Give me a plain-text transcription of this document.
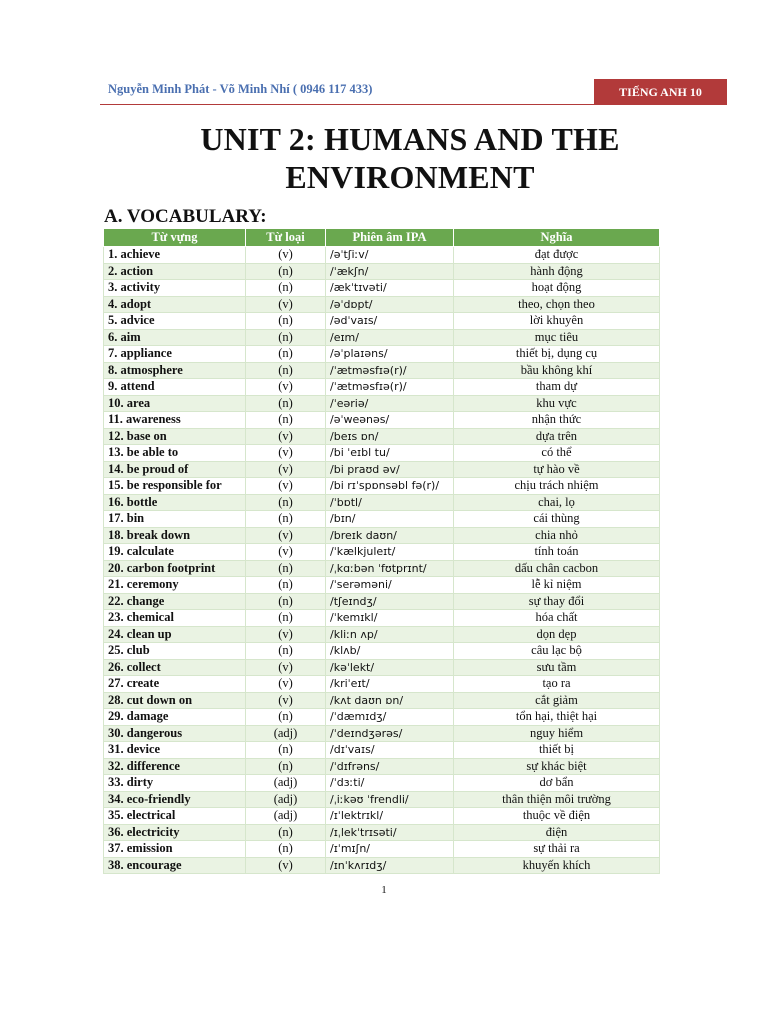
Nguyễn Minh Phát - Võ Minh Nhí ( 0946 117 433)	TIẾNG ANH 10
UNIT 2: HUMANS AND THE
ENVIRONMENT
A. VOCABULARY:
Từ vựng	Từ loại	Phiên âm IPA	Nghĩa
1. achieve	(v)	/əˈtʃiːv/	đạt được
2. action	(n)	/ˈækʃn/	hành động
3. activity	(n)	/ækˈtɪvəti/	hoạt động
4. adopt	(v)	/əˈdɒpt/	theo, chọn theo
5. advice	(n)	/ədˈvaɪs/	lời khuyên
6. aim	(n)	/eɪm/	mục tiêu
7. appliance	(n)	/əˈplaɪəns/	thiết bị, dụng cụ
8. atmosphere	(n)	/ˈætməsfɪə(r)/	bầu không khí
9. attend	(v)	/ˈætməsfɪə(r)/	tham dự
10. area	(n)	/ˈeəriə/	khu vực
11. awareness	(n)	/əˈweənəs/	nhận thức
12. base on	(v)	/beɪs ɒn/	dựa trên
13. be able to	(v)	/bi ˈeɪbl tu/	có thể
14. be proud of	(v)	/bi praʊd əv/	tự hào về
15. be responsible for	(v)	/bi rɪˈspɒnsəbl fə(r)/	chịu trách nhiệm
16. bottle	(n)	/ˈbɒtl/	chai, lọ
17. bin	(n)	/bɪn/	cái thùng
18. break down	(v)	/breɪk daʊn/	chia nhỏ
19. calculate	(v)	/ˈkælkjuleɪt/	tính toán
20. carbon footprint	(n)	/ˌkɑːbən ˈfʊtprɪnt/	dấu chân cacbon
21. ceremony	(n)	/ˈserəməni/	lễ kỉ niệm
22. change	(n)	/tʃeɪndʒ/	sự thay đổi
23. chemical	(n)	/ˈkemɪkl/	hóa chất
24. clean up	(v)	/kliːn ʌp/	dọn dẹp
25. club	(n)	/klʌb/	câu lạc bộ
26. collect	(v)	/kəˈlekt/	sưu tầm
27. create	(v)	/kriˈeɪt/	tạo ra
28. cut down on	(v)	/kʌt daʊn ɒn/	cắt giảm
29. damage	(n)	/ˈdæmɪdʒ/	tổn hại, thiệt hại
30. dangerous	(adj)	/ˈdeɪndʒərəs/	nguy hiểm
31. device	(n)	/dɪˈvaɪs/	thiết bị
32. difference	(n)	/ˈdɪfrəns/	sự khác biệt
33. dirty	(adj)	/ˈdɜːti/	dơ bẩn
34. eco-friendly	(adj)	/ˌiːkəʊ ˈfrendli/	thân thiện môi trường
35. electrical	(adj)	/ɪˈlektrɪkl/	thuộc về điện
36. electricity	(n)	/ɪˌlekˈtrɪsəti/	điện
37. emission	(n)	/ɪˈmɪʃn/	sự thải ra
38. encourage	(v)	/ɪnˈkʌrɪdʒ/	khuyến khích
1
